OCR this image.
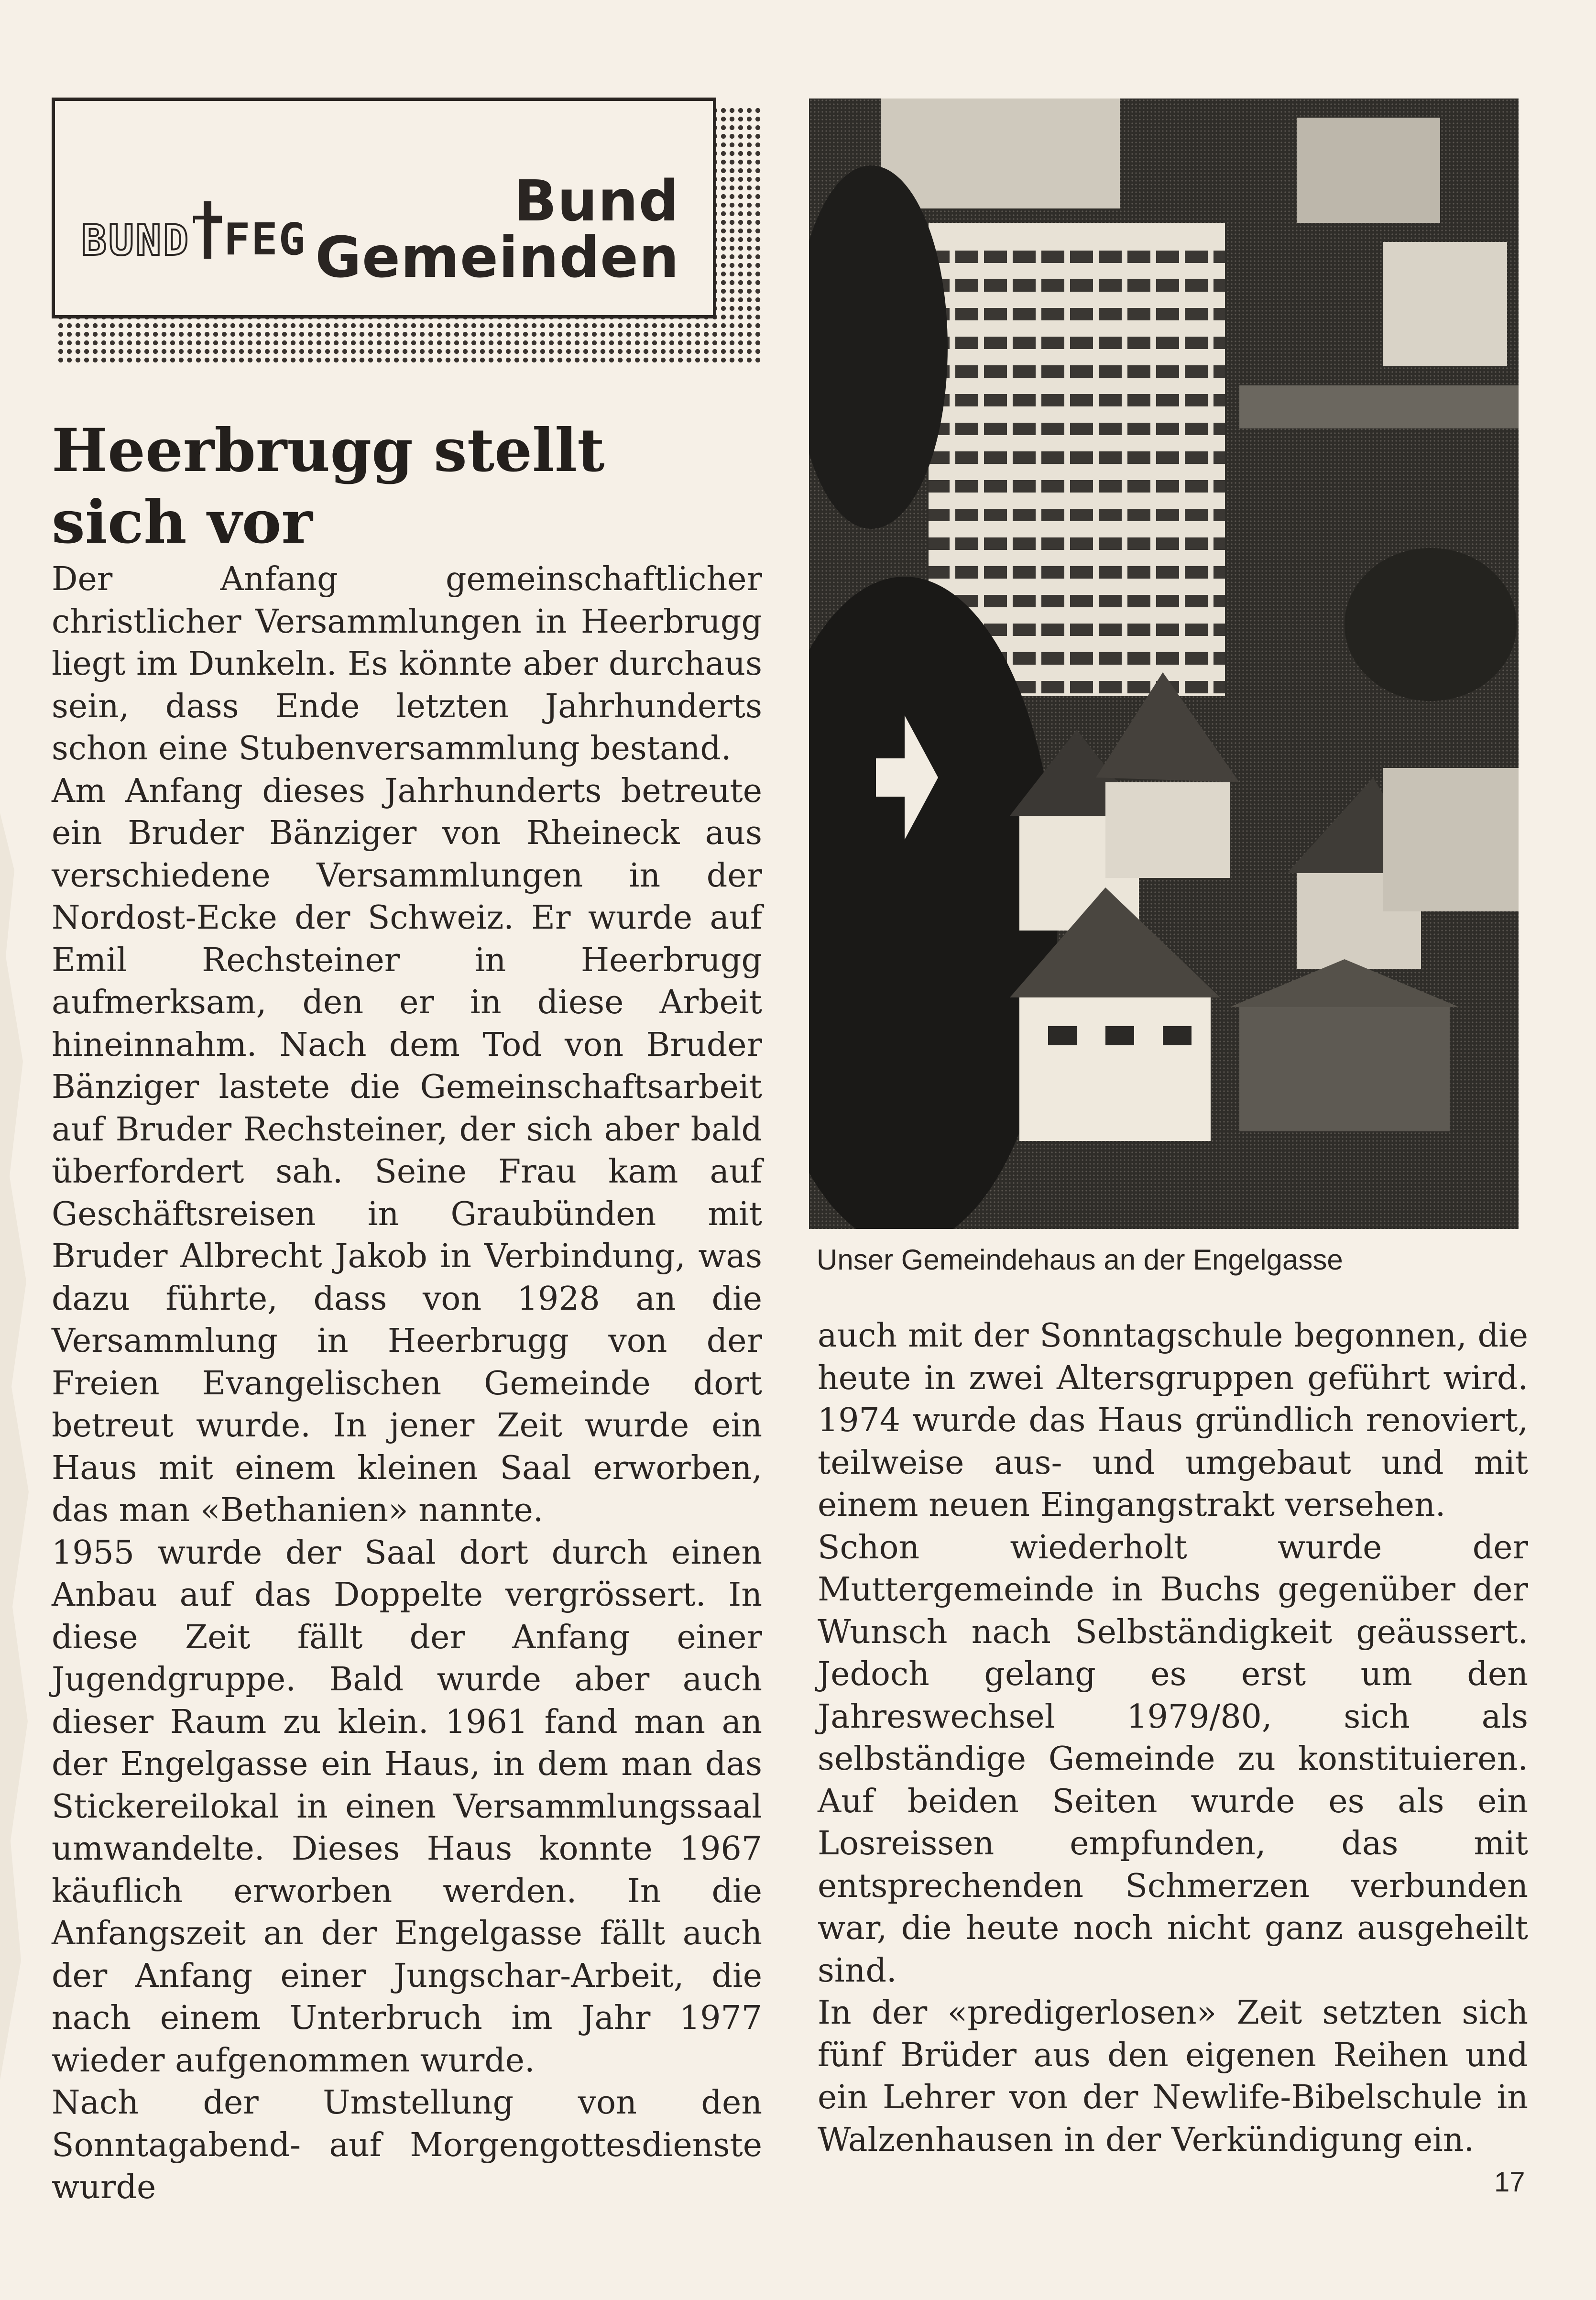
BUND FEG
Bund
Gemeinden
Heerbrugg stellt sich vor

Der Anfang gemeinschaftlicher christlicher Versammlungen in Heerbrugg liegt im Dunkeln. Es könnte aber durchaus sein, dass Ende letzten Jahrhunderts schon eine Stubenversammlung bestand.

Am Anfang dieses Jahrhunderts betreute ein Bruder Bänziger von Rheineck aus verschiedene Versammlungen in der Nordost-Ecke der Schweiz. Er wurde auf Emil Rechsteiner in Heerbrugg aufmerksam, den er in diese Arbeit hineinnahm. Nach dem Tod von Bruder Bänziger lastete die Gemeinschaftsarbeit auf Bruder Rechsteiner, der sich aber bald überfordert sah. Seine Frau kam auf Geschäftsreisen in Graubünden mit Bruder Albrecht Jakob in Verbindung, was dazu führte, dass von 1928 an die Versammlung in Heerbrugg von der Freien Evangelischen Gemeinde dort betreut wurde. In jener Zeit wurde ein Haus mit einem kleinen Saal erworben, das man «Bethanien» nannte.

1955 wurde der Saal dort durch einen Anbau auf das Doppelte vergrössert. In diese Zeit fällt der Anfang einer Jugendgruppe. Bald wurde aber auch dieser Raum zu klein. 1961 fand man an der Engelgasse ein Haus, in dem man das Stickereilokal in einen Versammlungssaal umwandelte. Dieses Haus konnte 1967 käuflich erworben werden. In die Anfangszeit an der Engelgasse fällt auch der Anfang einer Jungschar-Arbeit, die nach einem Unterbruch im Jahr 1977 wieder aufgenommen wurde.

Nach der Umstellung von den Sonntagabend- auf Morgengottesdienste wurde

Unser Gemeindehaus an der Engelgasse

auch mit der Sonntagschule begonnen, die heute in zwei Altersgruppen geführt wird. 1974 wurde das Haus gründlich renoviert, teilweise aus- und umgebaut und mit einem neuen Eingangstrakt versehen.

Schon wiederholt wurde der Muttergemeinde in Buchs gegenüber der Wunsch nach Selbständigkeit geäussert. Jedoch gelang es erst um den Jahreswechsel 1979/80, sich als selbständige Gemeinde zu konstituieren. Auf beiden Seiten wurde es als ein Losreissen empfunden, das mit entsprechenden Schmerzen verbunden war, die heute noch nicht ganz ausgeheilt sind.

In der «predigerlosen» Zeit setzten sich fünf Brüder aus den eigenen Reihen und ein Lehrer von der Newlife-Bibelschule in Walzenhausen in der Verkündigung ein.

17
